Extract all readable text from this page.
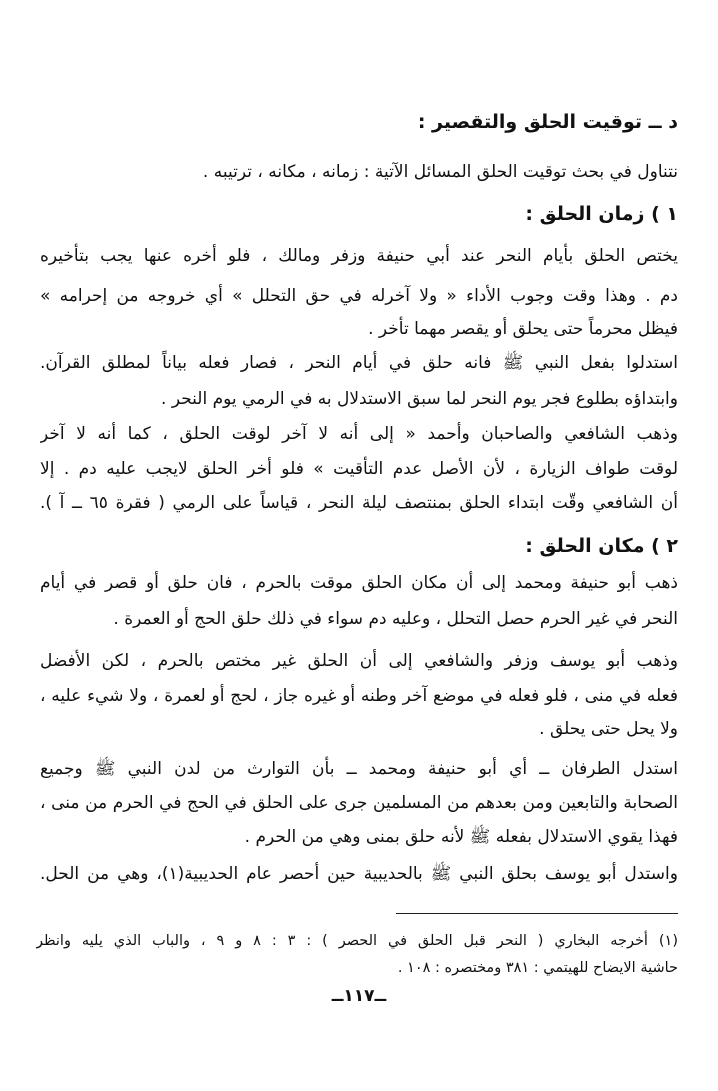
د ــ توقيت الحلق والتقصير :
نتناول في بحث توقيت الحلق المسائل الآتية : زمانه ، مكانه ، ترتيبه .
١ ) زمان الحلق :
يختص الحلق بأيام النحر عند أبي حنيفة وزفر ومالك ، فلو أخره عنها يجب بتأخيره
دم . وهذا وقت وجوب الأداء « ولا آخرله في حق التحلل » أي خروجه من إحرامه »
فيظل محرماً حتى يحلق أو يقصر مهما تأخر .
استدلوا بفعل النبي ﷺ فانه حلق في أيام النحر ، فصار فعله بياناً لمطلق القرآن.
وابتداؤه بطلوع فجر يوم النحر لما سبق الاستدلال به في الرمي يوم النحر .
وذهب الشافعي والصاحبان وأحمد « إلى أنه لا آخر لوقت الحلق ، كما أنه لا آخر
لوقت طواف الزيارة ، لأن الأصل عدم التأقيت » فلو أخر الحلق لايجب عليه دم . إلا
أن الشافعي وقّت ابتداء الحلق بمنتصف ليلة النحر ، قياساً على الرمي ( فقرة ٦٥ ــ آ ).
٢ ) مكان الحلق :
ذهب أبو حنيفة ومحمد إلى أن مكان الحلق موقت بالحرم ، فان حلق أو قصر في أيام
النحر في غير الحرم حصل التحلل ، وعليه دم سواء في ذلك حلق الحج أو العمرة .
وذهب أبو يوسف وزفر والشافعي إلى أن الحلق غير مختص بالحرم ، لكن الأفضل
فعله في منى ، فلو فعله في موضع آخر وطنه أو غيره جاز ، لحج أو لعمرة ، ولا شيء عليه ،
ولا يحل حتى يحلق .
استدل الطرفان ــ أي أبو حنيفة ومحمد ــ بأن التوارث من لدن النبي ﷺ وجميع
الصحابة والتابعين ومن بعدهم من المسلمين جرى على الحلق في الحج في الحرم من منى ،
فهذا يقوي الاستدلال بفعله ﷺ لأنه حلق بمنى وهي من الحرم .
واستدل أبو يوسف بحلق النبي ﷺ بالحديبية حين أحصر عام الحديبية(١)، وهي من الحل.
(١) أخرجه البخاري ( النحر قبل الحلق في الحصر ) : ٣ : ٨ و ٩ ، والباب الذي يليه وانظر
حاشية الايضاح للهيتمي : ٣٨١ ومختصره : ١٠٨ .
ــ١١٧ــ
